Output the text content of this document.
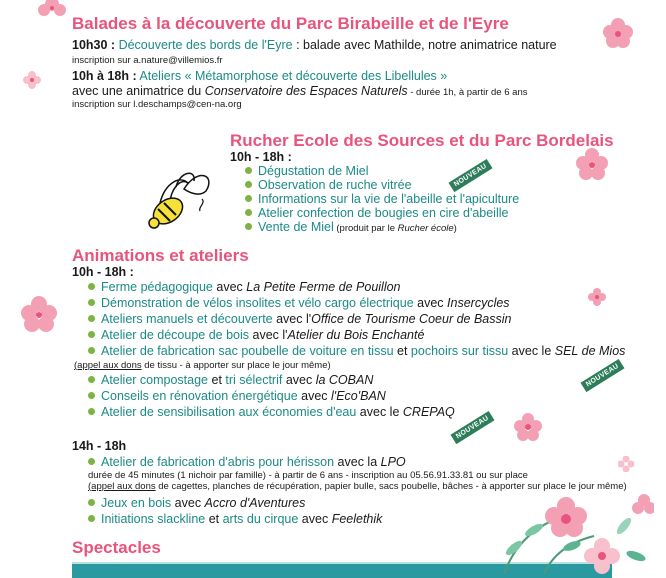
Balades à la découverte du Parc Birabeille et de l'Eyre
10h30 : Découverte des bords de l'Eyre : balade avec Mathilde, notre animatrice nature
inscription sur a.nature@villemios.fr
10h à 18h : Ateliers « Métamorphose et découverte des Libellules »
avec une animatrice du Conservatoire des Espaces Naturels - durée 1h, à partir de 6 ans
inscription sur l.deschamps@cen-na.org
Rucher Ecole des Sources et du Parc Bordelais
10h - 18h :
Dégustation de Miel
Observation de ruche vitrée
Informations sur la vie de l'abeille et l'apiculture
Atelier confection de bougies en cire d'abeille
Vente de Miel (produit par le Rucher école)
NOUVEAU
Animations et ateliers
10h - 18h :
Ferme pédagogique avec La Petite Ferme de Pouillon
Démonstration de vélos insolites et vélo cargo électrique avec Insercycles
Ateliers manuels et découverte avec l'Office de Tourisme Coeur de Bassin
Atelier de découpe de bois avec l'Atelier du Bois Enchanté
Atelier de fabrication sac poubelle de voiture en tissu et pochoirs sur tissu avec le SEL de Mios
(appel aux dons de tissu - à apporter sur place le jour même)
Atelier compostage et tri sélectrif avec la COBAN
Conseils en rénovation énergétique avec l'Eco'BAN
Atelier de sensibilisation aux économies d'eau avec le CREPAQ
NOUVEAU
NOUVEAU
14h - 18h
Atelier de fabrication d'abris pour hérisson avec la LPO
durée de 45 minutes (1 nichoir par famille) - à partir de 6 ans - inscription au 05.56.91.33.81 ou sur place
(appel aux dons de cagettes, planches de récupération, papier bulle, sacs poubelle, bâches - à apporter sur place le jour même)
Jeux en bois avec Accro d'Aventures
Initiations slackline et arts du cirque avec Feelethik
Spectacles
